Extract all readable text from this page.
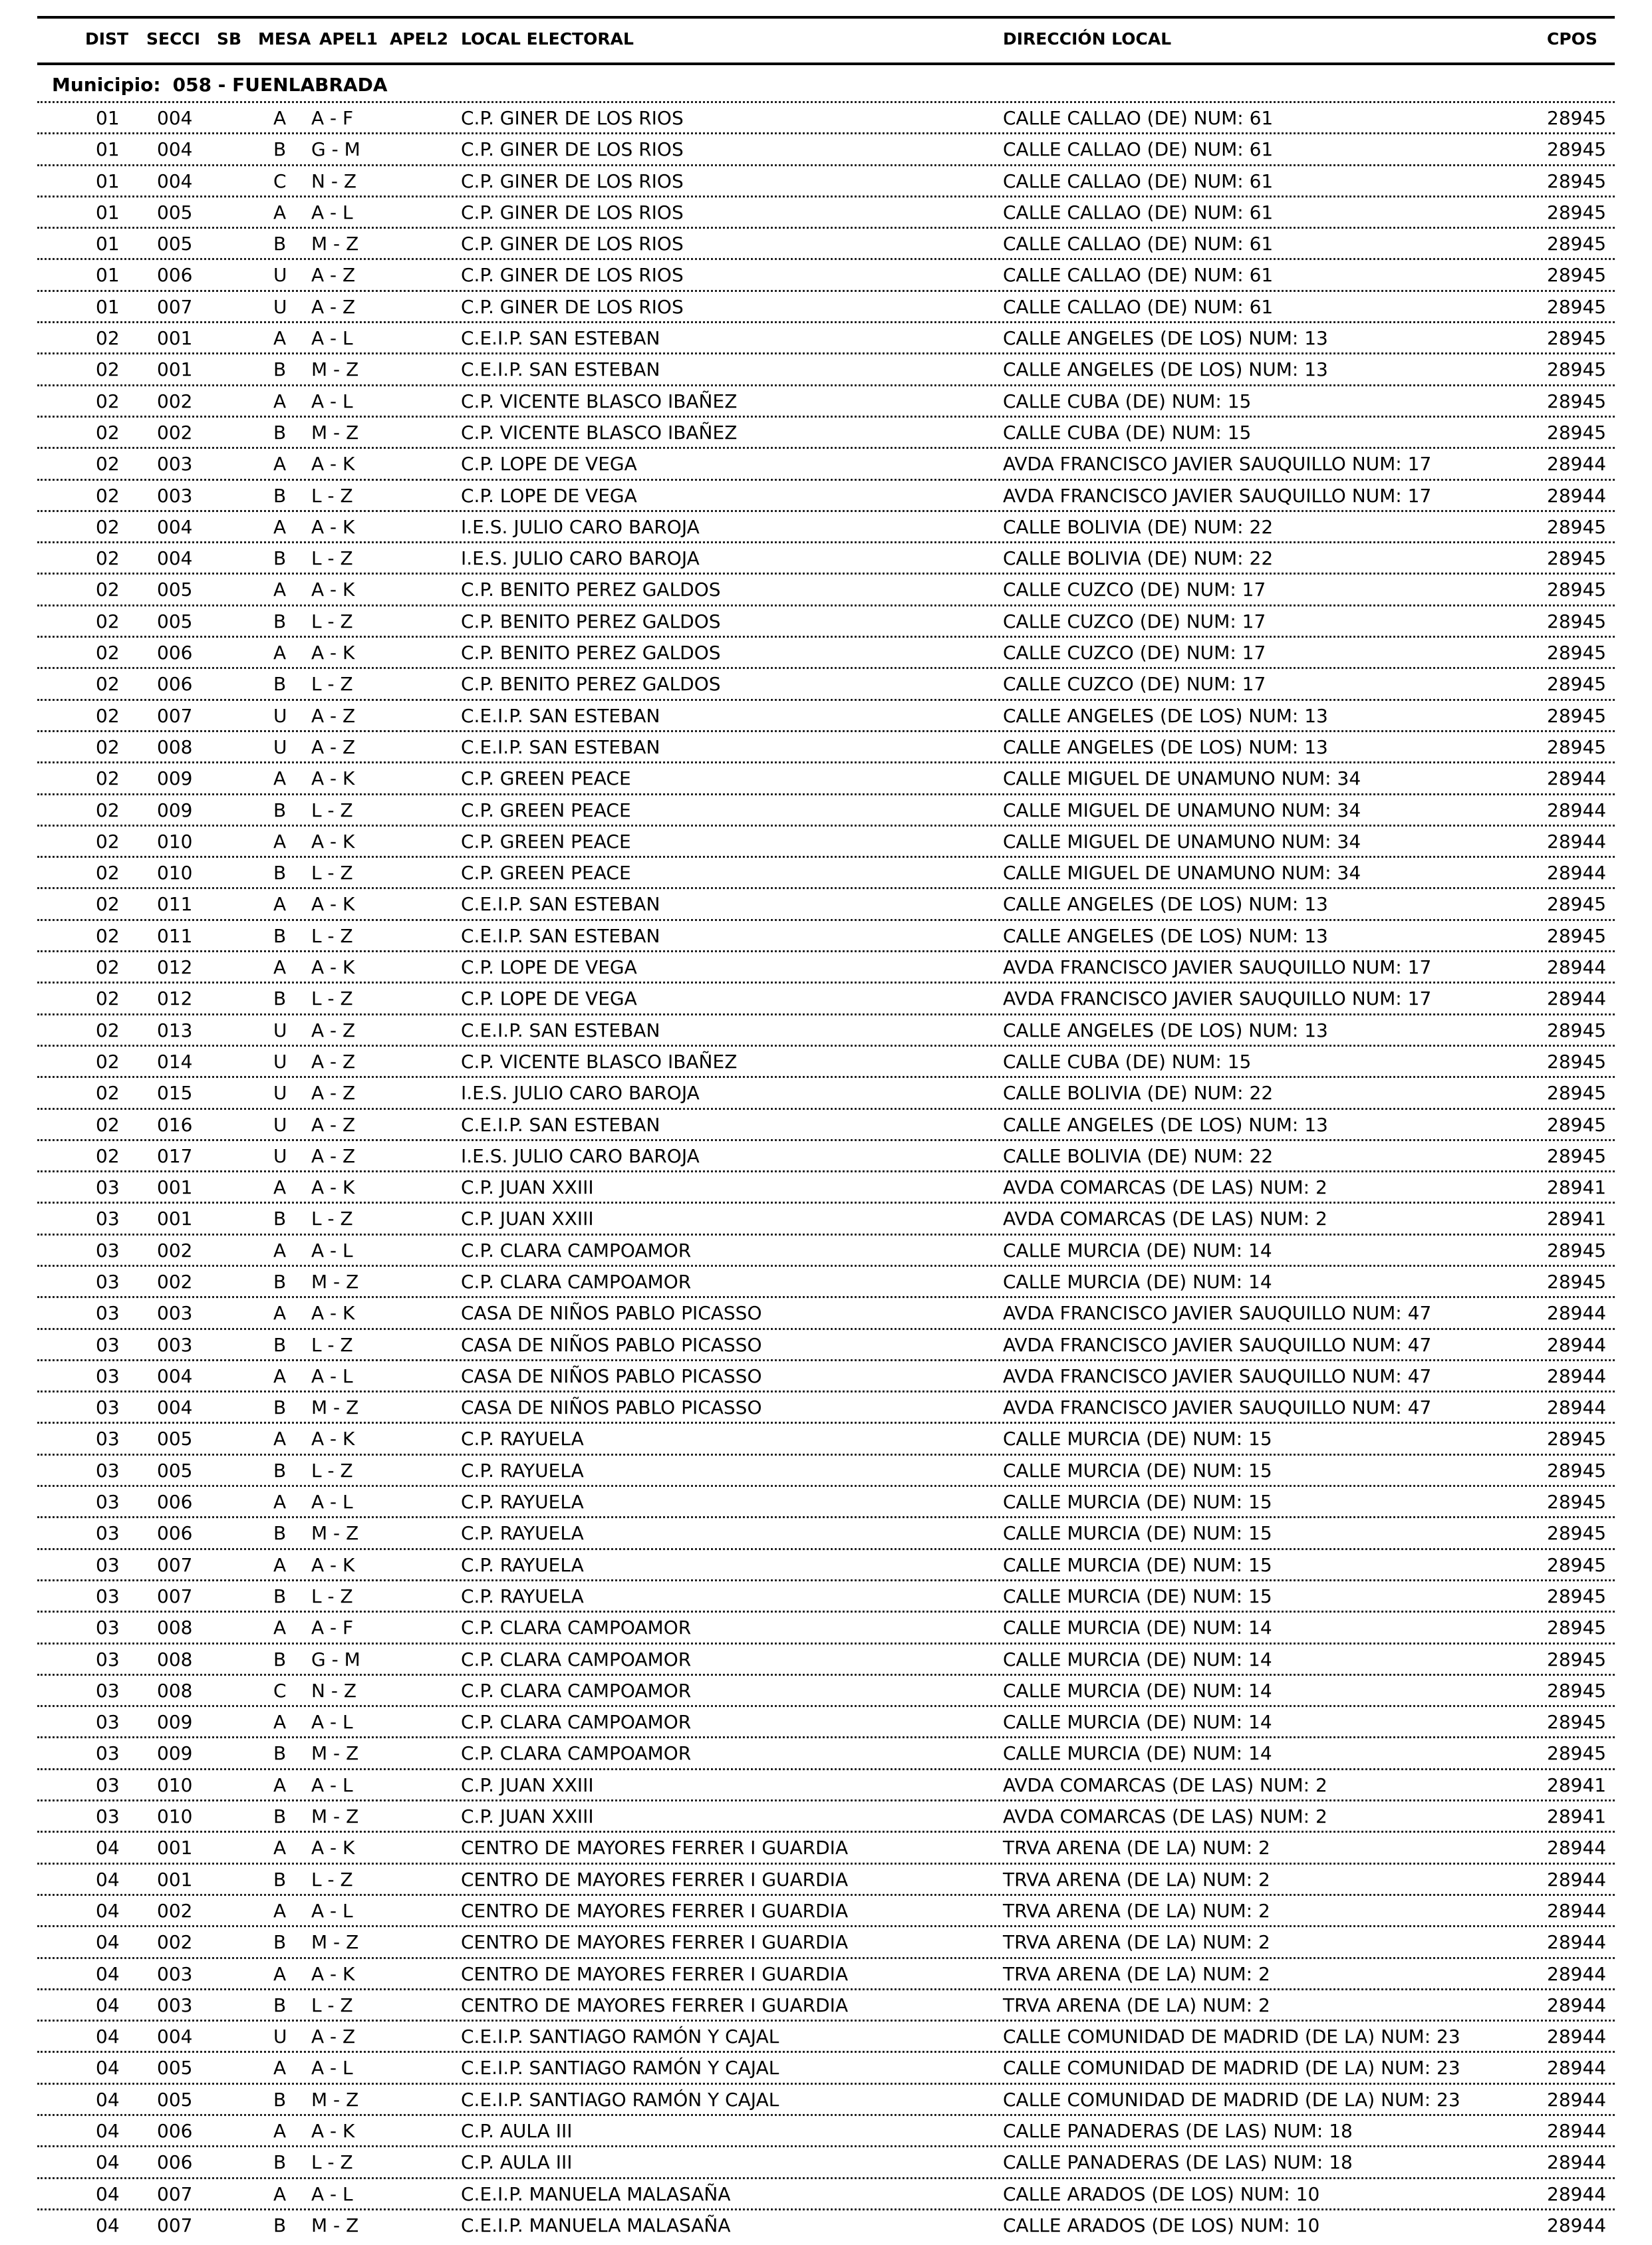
DIST SECCI SB MESA APEL1 APEL2 LOCAL ELECTORAL	DIRECCIÓN LOCAL	CPOS
Municipio: 058 - FUENLABRADA
01 004	A A - F	C.P. GINER DE LOS RIOS	CALLE CALLAO (DE) NUM: 61	28945
01 004	B G - M	C.P. GINER DE LOS RIOS	CALLE CALLAO (DE) NUM: 61	28945
01 004	C N - Z	C.P. GINER DE LOS RIOS	CALLE CALLAO (DE) NUM: 61	28945
01 005	A A - L	C.P. GINER DE LOS RIOS	CALLE CALLAO (DE) NUM: 61	28945
01 005	B M - Z	C.P. GINER DE LOS RIOS	CALLE CALLAO (DE) NUM: 61	28945
01 006	U A - Z	C.P. GINER DE LOS RIOS	CALLE CALLAO (DE) NUM: 61	28945
01 007	U A - Z	C.P. GINER DE LOS RIOS	CALLE CALLAO (DE) NUM: 61	28945
02 001	A A - L	C.E.I.P. SAN ESTEBAN	CALLE ANGELES (DE LOS) NUM: 13	28945
02 001	B M - Z	C.E.I.P. SAN ESTEBAN	CALLE ANGELES (DE LOS) NUM: 13	28945
02 002	A A - L	C.P. VICENTE BLASCO IBAÑEZ	CALLE CUBA (DE) NUM: 15	28945
02 002	B M - Z	C.P. VICENTE BLASCO IBAÑEZ	CALLE CUBA (DE) NUM: 15	28945
02 003	A A - K	C.P. LOPE DE VEGA	AVDA FRANCISCO JAVIER SAUQUILLO NUM: 17	28944
02 003	B L - Z	C.P. LOPE DE VEGA	AVDA FRANCISCO JAVIER SAUQUILLO NUM: 17	28944
02 004	A A - K	I.E.S. JULIO CARO BAROJA	CALLE BOLIVIA (DE) NUM: 22	28945
02 004	B L - Z	I.E.S. JULIO CARO BAROJA	CALLE BOLIVIA (DE) NUM: 22	28945
02 005	A A - K	C.P. BENITO PEREZ GALDOS	CALLE CUZCO (DE) NUM: 17	28945
02 005	B L - Z	C.P. BENITO PEREZ GALDOS	CALLE CUZCO (DE) NUM: 17	28945
02 006	A A - K	C.P. BENITO PEREZ GALDOS	CALLE CUZCO (DE) NUM: 17	28945
02 006	B L - Z	C.P. BENITO PEREZ GALDOS	CALLE CUZCO (DE) NUM: 17	28945
02 007	U A - Z	C.E.I.P. SAN ESTEBAN	CALLE ANGELES (DE LOS) NUM: 13	28945
02 008	U A - Z	C.E.I.P. SAN ESTEBAN	CALLE ANGELES (DE LOS) NUM: 13	28945
02 009	A A - K	C.P. GREEN PEACE	CALLE MIGUEL DE UNAMUNO NUM: 34	28944
02 009	B L - Z	C.P. GREEN PEACE	CALLE MIGUEL DE UNAMUNO NUM: 34	28944
02 010	A A - K	C.P. GREEN PEACE	CALLE MIGUEL DE UNAMUNO NUM: 34	28944
02 010	B L - Z	C.P. GREEN PEACE	CALLE MIGUEL DE UNAMUNO NUM: 34	28944
02 011	A A - K	C.E.I.P. SAN ESTEBAN	CALLE ANGELES (DE LOS) NUM: 13	28945
02 011	B L - Z	C.E.I.P. SAN ESTEBAN	CALLE ANGELES (DE LOS) NUM: 13	28945
02 012	A A - K	C.P. LOPE DE VEGA	AVDA FRANCISCO JAVIER SAUQUILLO NUM: 17	28944
02 012	B L - Z	C.P. LOPE DE VEGA	AVDA FRANCISCO JAVIER SAUQUILLO NUM: 17	28944
02 013	U A - Z	C.E.I.P. SAN ESTEBAN	CALLE ANGELES (DE LOS) NUM: 13	28945
02 014	U A - Z	C.P. VICENTE BLASCO IBAÑEZ	CALLE CUBA (DE) NUM: 15	28945
02 015	U A - Z	I.E.S. JULIO CARO BAROJA	CALLE BOLIVIA (DE) NUM: 22	28945
02 016	U A - Z	C.E.I.P. SAN ESTEBAN	CALLE ANGELES (DE LOS) NUM: 13	28945
02 017	U A - Z	I.E.S. JULIO CARO BAROJA	CALLE BOLIVIA (DE) NUM: 22	28945
03 001	A A - K	C.P. JUAN XXIII	AVDA COMARCAS (DE LAS) NUM: 2	28941
03 001	B L - Z	C.P. JUAN XXIII	AVDA COMARCAS (DE LAS) NUM: 2	28941
03 002	A A - L	C.P. CLARA CAMPOAMOR	CALLE MURCIA (DE) NUM: 14	28945
03 002	B M - Z	C.P. CLARA CAMPOAMOR	CALLE MURCIA (DE) NUM: 14	28945
03 003	A A - K	CASA DE NIÑOS PABLO PICASSO	AVDA FRANCISCO JAVIER SAUQUILLO NUM: 47	28944
03 003	B L - Z	CASA DE NIÑOS PABLO PICASSO	AVDA FRANCISCO JAVIER SAUQUILLO NUM: 47	28944
03 004	A A - L	CASA DE NIÑOS PABLO PICASSO	AVDA FRANCISCO JAVIER SAUQUILLO NUM: 47	28944
03 004	B M - Z	CASA DE NIÑOS PABLO PICASSO	AVDA FRANCISCO JAVIER SAUQUILLO NUM: 47	28944
03 005	A A - K	C.P. RAYUELA	CALLE MURCIA (DE) NUM: 15	28945
03 005	B L - Z	C.P. RAYUELA	CALLE MURCIA (DE) NUM: 15	28945
03 006	A A - L	C.P. RAYUELA	CALLE MURCIA (DE) NUM: 15	28945
03 006	B M - Z	C.P. RAYUELA	CALLE MURCIA (DE) NUM: 15	28945
03 007	A A - K	C.P. RAYUELA	CALLE MURCIA (DE) NUM: 15	28945
03 007	B L - Z	C.P. RAYUELA	CALLE MURCIA (DE) NUM: 15	28945
03 008	A A - F	C.P. CLARA CAMPOAMOR	CALLE MURCIA (DE) NUM: 14	28945
03 008	B G - M	C.P. CLARA CAMPOAMOR	CALLE MURCIA (DE) NUM: 14	28945
03 008	C N - Z	C.P. CLARA CAMPOAMOR	CALLE MURCIA (DE) NUM: 14	28945
03 009	A A - L	C.P. CLARA CAMPOAMOR	CALLE MURCIA (DE) NUM: 14	28945
03 009	B M - Z	C.P. CLARA CAMPOAMOR	CALLE MURCIA (DE) NUM: 14	28945
03 010	A A - L	C.P. JUAN XXIII	AVDA COMARCAS (DE LAS) NUM: 2	28941
03 010	B M - Z	C.P. JUAN XXIII	AVDA COMARCAS (DE LAS) NUM: 2	28941
04 001	A A - K	CENTRO DE MAYORES FERRER I GUARDIA	TRVA ARENA (DE LA) NUM: 2	28944
04 001	B L - Z	CENTRO DE MAYORES FERRER I GUARDIA	TRVA ARENA (DE LA) NUM: 2	28944
04 002	A A - L	CENTRO DE MAYORES FERRER I GUARDIA	TRVA ARENA (DE LA) NUM: 2	28944
04 002	B M - Z	CENTRO DE MAYORES FERRER I GUARDIA	TRVA ARENA (DE LA) NUM: 2	28944
04 003	A A - K	CENTRO DE MAYORES FERRER I GUARDIA	TRVA ARENA (DE LA) NUM: 2	28944
04 003	B L - Z	CENTRO DE MAYORES FERRER I GUARDIA	TRVA ARENA (DE LA) NUM: 2	28944
04 004	U A - Z	C.E.I.P. SANTIAGO RAMÓN Y CAJAL	CALLE COMUNIDAD DE MADRID (DE LA) NUM: 23	28944
04 005	A A - L	C.E.I.P. SANTIAGO RAMÓN Y CAJAL	CALLE COMUNIDAD DE MADRID (DE LA) NUM: 23	28944
04 005	B M - Z	C.E.I.P. SANTIAGO RAMÓN Y CAJAL	CALLE COMUNIDAD DE MADRID (DE LA) NUM: 23	28944
04 006	A A - K	C.P. AULA III	CALLE PANADERAS (DE LAS) NUM: 18	28944
04 006	B L - Z	C.P. AULA III	CALLE PANADERAS (DE LAS) NUM: 18	28944
04 007	A A - L	C.E.I.P. MANUELA MALASAÑA	CALLE ARADOS (DE LOS) NUM: 10	28944
04 007	B M - Z	C.E.I.P. MANUELA MALASAÑA	CALLE ARADOS (DE LOS) NUM: 10	28944
